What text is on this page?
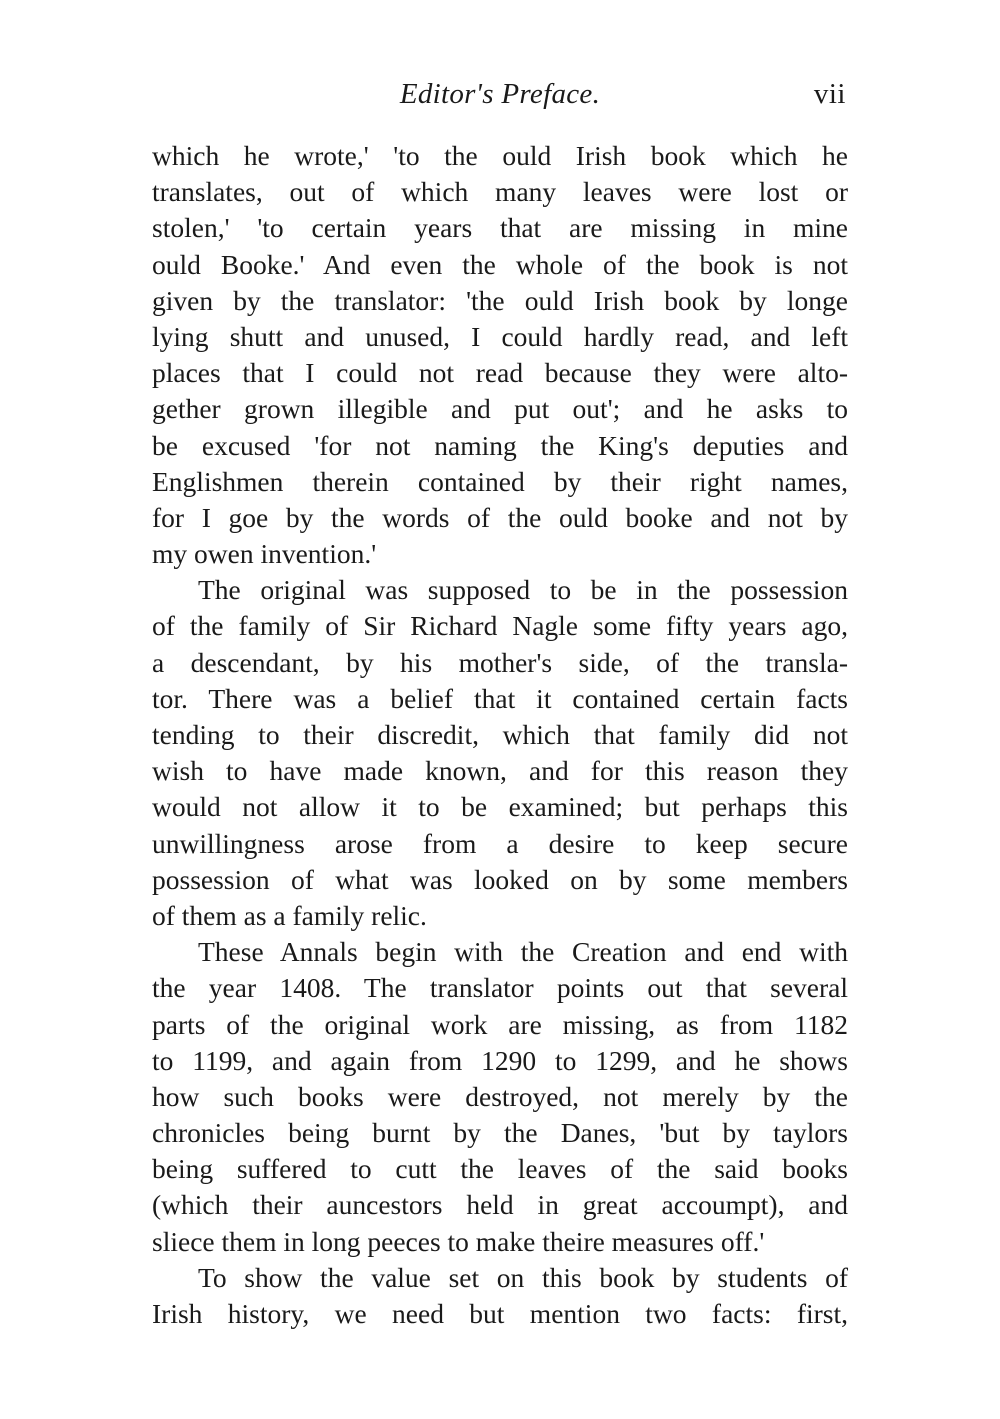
Editor's Preface.	vii
which he wrote,' 'to the ould Irish book which he
translates, out of which many leaves were lost or
stolen,' 'to certain years that are missing in mine
ould Booke.' And even the whole of the book is not
given by the translator: 'the ould Irish book by longe
lying shutt and unused, I could hardly read, and left
places that I could not read because they were alto-
gether grown illegible and put out'; and he asks to
be excused 'for not naming the King's deputies and
Englishmen therein contained by their right names,
for I goe by the words of the ould booke and not by
my owen invention.'
The original was supposed to be in the possession
of the family of Sir Richard Nagle some fifty years ago,
a descendant, by his mother's side, of the transla-
tor. There was a belief that it contained certain facts
tending to their discredit, which that family did not
wish to have made known, and for this reason they
would not allow it to be examined; but perhaps this
unwillingness arose from a desire to keep secure
possession of what was looked on by some members
of them as a family relic.
These Annals begin with the Creation and end with
the year 1408. The translator points out that several
parts of the original work are missing, as from 1182
to 1199, and again from 1290 to 1299, and he shows
how such books were destroyed, not merely by the
chronicles being burnt by the Danes, 'but by taylors
being suffered to cutt the leaves of the said books
(which their auncestors held in great accoumpt), and
sliece them in long peeces to make theire measures off.'
To show the value set on this book by students of
Irish history, we need but mention two facts: first,
